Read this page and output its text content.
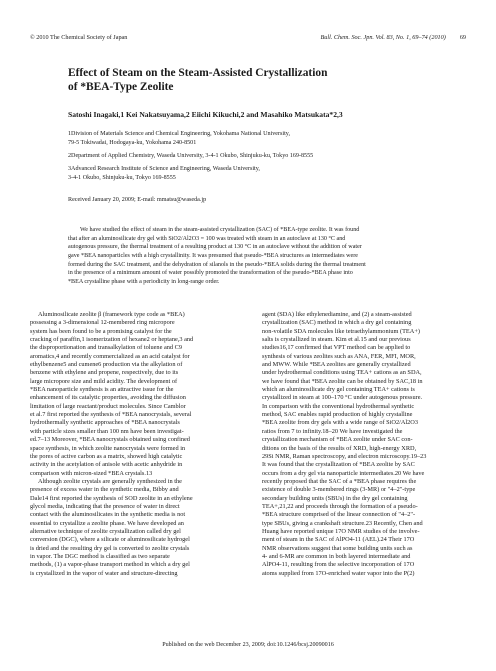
© 2010 The Chemical Society of Japan	Bull. Chem. Soc. Jpn. Vol. 83, No. 1, 69–74 (2010) 69
Effect of Steam on the Steam-Assisted Crystallization
of *BEA-Type Zeolite
Satoshi Inagaki,1 Kei Nakatsuyama,2 Eiichi Kikuchi,2 and Masahiko Matsukata*2,3
1Division of Materials Science and Chemical Engineering, Yokohama National University,
79-5 Tokiwadai, Hodogaya-ku, Yokohama 240-8501
2Department of Applied Chemistry, Waseda University, 3-4-1 Okubo, Shinjuku-ku, Tokyo 169-8555
3Advanced Research Institute of Science and Engineering, Waseda University,
3-4-1 Okubo, Shinjuku-ku, Tokyo 169-8555
Received January 20, 2009; E-mail: mmatsu@waseda.jp
We have studied the effect of steam in the steam-assisted crystallization (SAC) of *BEA-type zeolite. It was found
that after an aluminosilicate dry gel with SiO2/Al2O3 = 100 was treated with steam in an autoclave at 130 °C and
autogenous pressure, the thermal treatment of a resulting product at 130 °C in an autoclave without the addition of water
gave *BEA nanoparticles with a high crystallinity. It was presumed that pseudo-*BEA structures as intermediates were
formed during the SAC treatment, and the dehydration of silanols in the pseudo-*BEA solids during the thermal treatment
in the presence of a minimum amount of water possibly promoted the transformation of the pseudo-*BEA phase into
*BEA crystalline phase with a periodicity in long-range order.
Aluminosilicate zeolite β (framework type code as *BEA)
possessing a 3-dimensional 12-membered ring micropore
system has been found to be a promising catalyst for the
cracking of paraffin,1 isomerization of hexane2 or heptane,3 and
the disproportionation and transalkylation of toluene and C9
aromatics,4 and recently commercialized as an acid catalyst for
ethylbenzene5 and cumene6 production via the alkylation of
benzene with ethylene and propene, respectively, due to its
large micropore size and mild acidity. The development of
*BEA nanoparticle synthesis is an attractive issue for the
enhancement of its catalytic properties, avoiding the diffusion
limitation of large reactant/product molecules. Since Camblor
et al.7 first reported the synthesis of *BEA nanocrystals, several
hydrothermally synthetic approaches of *BEA nanocrystals
with particle sizes smaller than 100 nm have been investigat-
ed.7–13 Moreover, *BEA nanocrystals obtained using confined
space synthesis, in which zeolite nanocrystals were formed in
the pores of active carbon as a matrix, showed high catalytic
activity in the acetylation of anisole with acetic anhydride in
comparison with micron-sized *BEA crystals.13
Although zeolite crystals are generally synthesized in the
presence of excess water in the synthetic media, Bibby and
Dale14 first reported the synthesis of SOD zeolite in an ethylene
glycol media, indicating that the presence of water in direct
contact with the aluminosilicates in the synthetic media is not
essential to crystallize a zeolite phase. We have developed an
alternative technique of zeolite crystallization called dry gel
conversion (DGC), where a silicate or aluminosilicate hydrogel
is dried and the resulting dry gel is converted to zeolite crystals
in vapor. The DGC method is classified as two separate
methods, (1) a vapor-phase transport method in which a dry gel
is crystallized in the vapor of water and structure-directing
agent (SDA) like ethylenediamine, and (2) a steam-assisted
crystallization (SAC) method in which a dry gel containing
non-volatile SDA molecules like tetraethylammonium (TEA+)
salts is crystallized in steam. Kim et al.15 and our previous
studies16,17 confirmed that VPT method can be applied to
synthesis of various zeolites such as ANA, FER, MFI, MOR,
and MWW. While *BEA zeolites are generally crystallized
under hydrothermal conditions using TEA+ cations as an SDA,
we have found that *BEA zeolite can be obtained by SAC,18 in
which an aluminosilicate dry gel containing TEA+ cations is
crystallized in steam at 100–170 °C under autogenous pressure.
In comparison with the conventional hydrothermal synthetic
method, SAC enables rapid production of highly crystalline
*BEA zeolite from dry gels with a wide range of SiO2/Al2O3
ratios from 7 to infinity.18–20 We have investigated the
crystallization mechanism of *BEA zeolite under SAC con-
ditions on the basis of the results of XRD, high-energy XRD,
29Si NMR, Raman spectroscopy, and electron microscopy.19–23
It was found that the crystallization of *BEA zeolite by SAC
occurs from a dry gel via nanoparticle intermediates.20 We have
recently proposed that the SAC of a *BEA phase requires the
existence of double 3-membered rings (3-MR) or "4–2"-type
secondary building units (SBUs) in the dry gel containing
TEA+,21,22 and proceeds through the formation of a pseudo-
*BEA structure comprised of the linear connection of "4–2"-
type SBUs, giving a crankshaft structure.23 Recently, Chen and
Huang have reported unique 17O NMR studies of the involve-
ment of steam in the SAC of AlPO4-11 (AEL).24 Their 17O
NMR observations suggest that some building units such as
4- and 6-MR are common in both layered intermediate and
AlPO4-11, resulting from the selective incorporation of 17O
atoms supplied from 17O-enriched water vapor into the P(2)
Published on the web December 23, 2009; doi:10.1246/bcsj.20090016
